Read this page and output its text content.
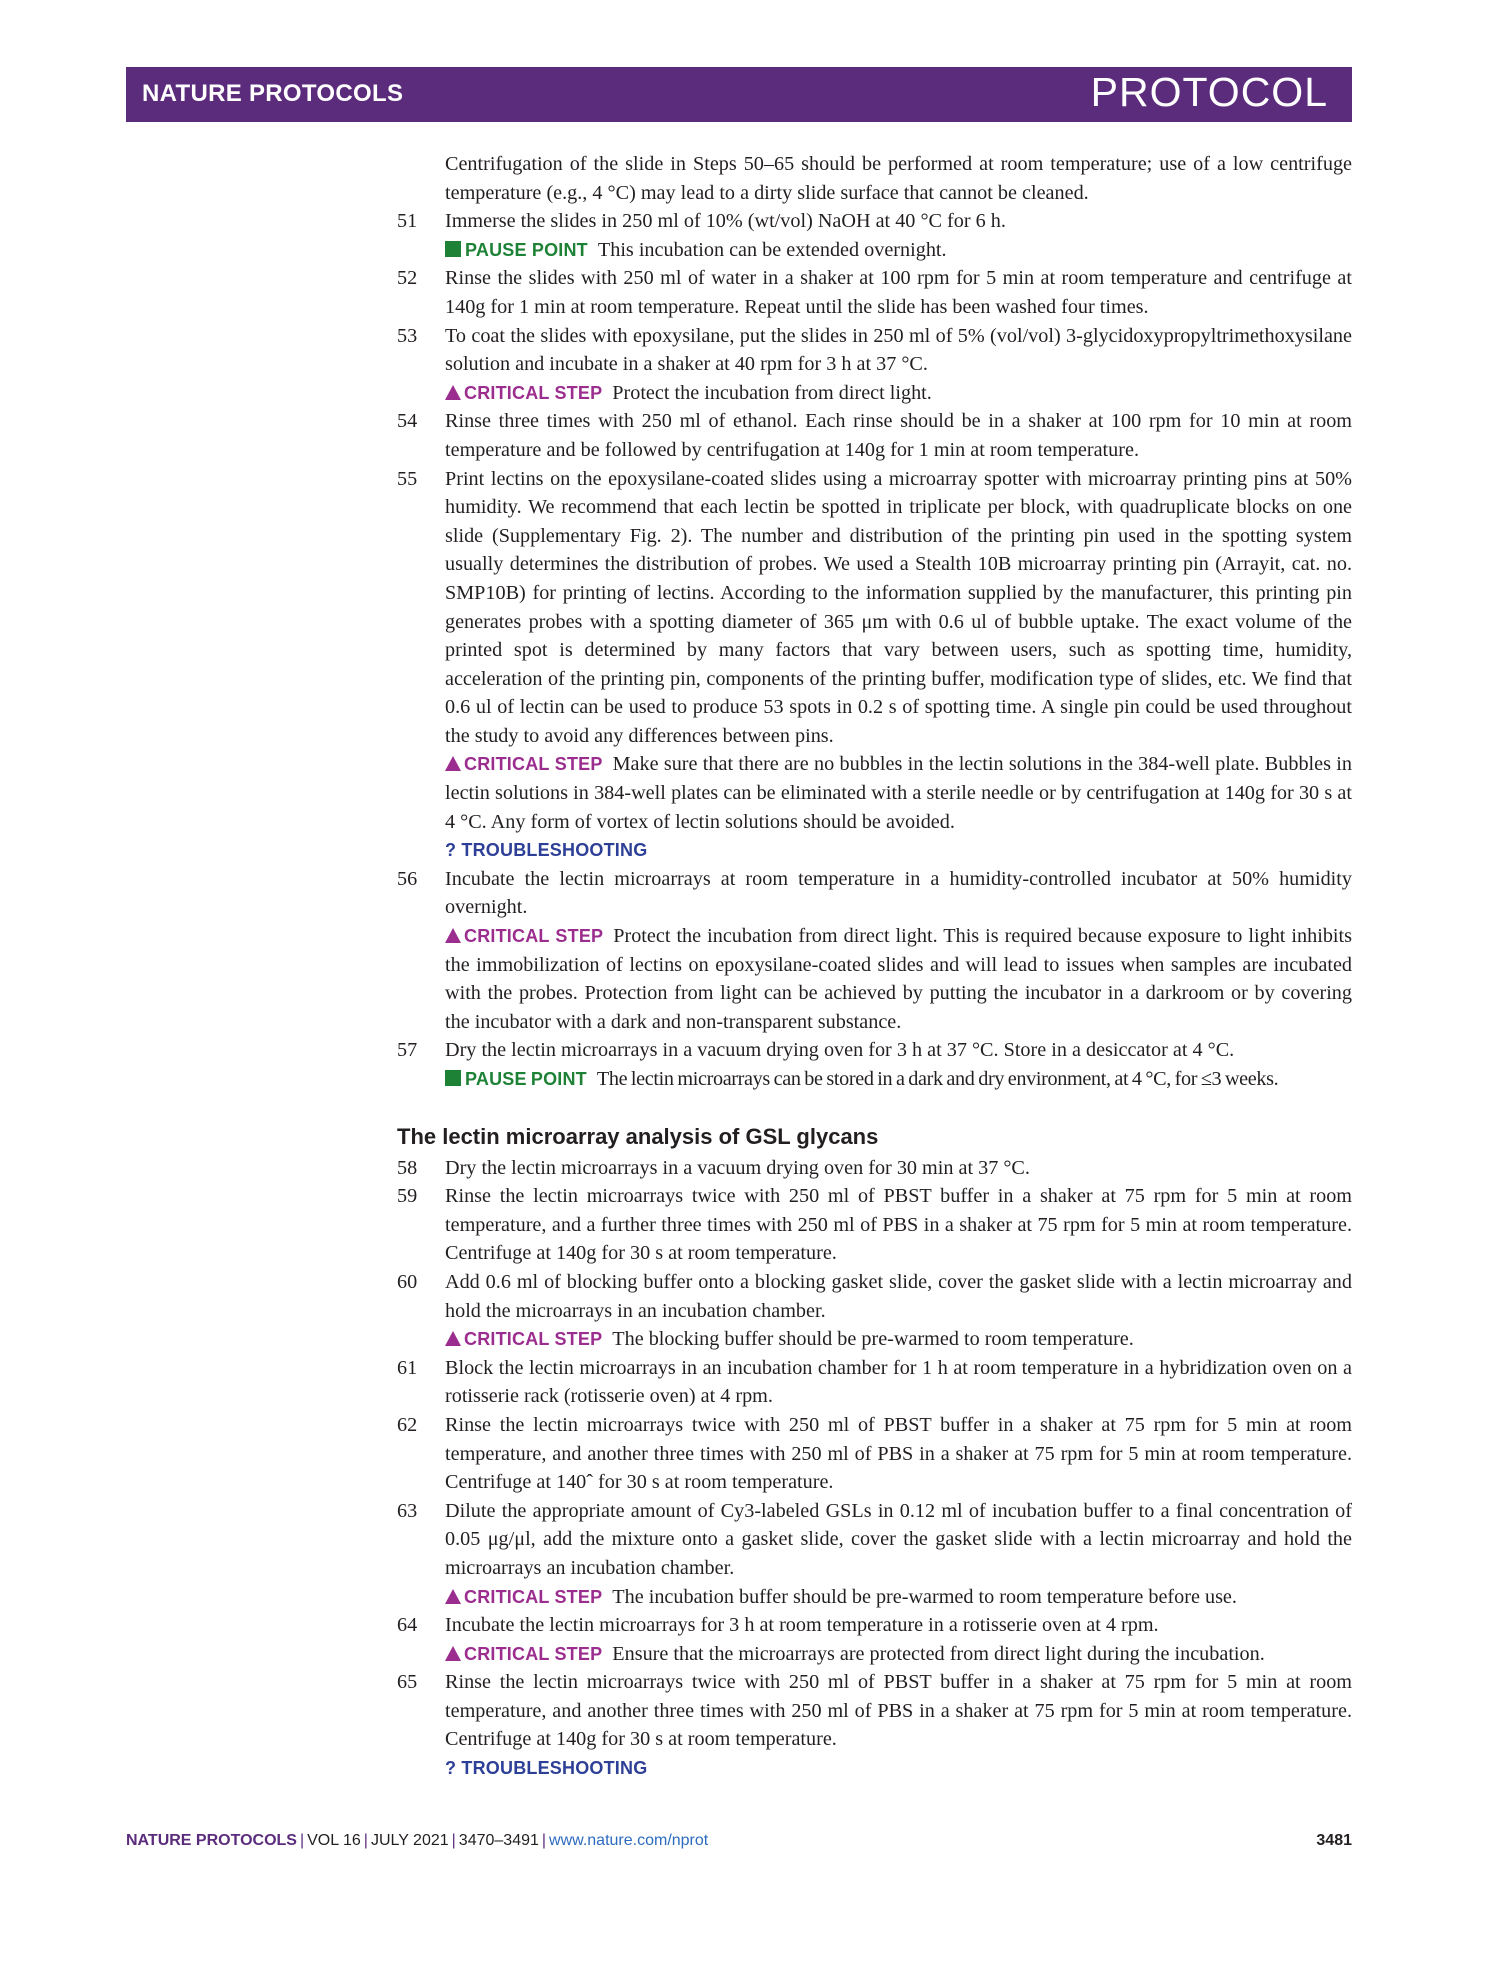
NATURE PROTOCOLS	PROTOCOL
Centrifugation of the slide in Steps 50–65 should be performed at room temperature; use of a low centrifuge temperature (e.g., 4 °C) may lead to a dirty slide surface that cannot be cleaned.
51 Immerse the slides in 250 ml of 10% (wt/vol) NaOH at 40 °C for 6 h.
PAUSE POINT This incubation can be extended overnight.
52 Rinse the slides with 250 ml of water in a shaker at 100 rpm for 5 min at room temperature and centrifuge at 140g for 1 min at room temperature. Repeat until the slide has been washed four times.
53 To coat the slides with epoxysilane, put the slides in 250 ml of 5% (vol/vol) 3-glycidoxypropyltrimethoxysilane solution and incubate in a shaker at 40 rpm for 3 h at 37 °C.
CRITICAL STEP Protect the incubation from direct light.
54 Rinse three times with 250 ml of ethanol. Each rinse should be in a shaker at 100 rpm for 10 min at room temperature and be followed by centrifugation at 140g for 1 min at room temperature.
55 Print lectins on the epoxysilane-coated slides using a microarray spotter with microarray printing pins at 50% humidity. We recommend that each lectin be spotted in triplicate per block, with quadruplicate blocks on one slide (Supplementary Fig. 2). The number and distribution of the printing pin used in the spotting system usually determines the distribution of probes. We used a Stealth 10B microarray printing pin (Arrayit, cat. no. SMP10B) for printing of lectins. According to the information supplied by the manufacturer, this printing pin generates probes with a spotting diameter of 365 μm with 0.6 ul of bubble uptake. The exact volume of the printed spot is determined by many factors that vary between users, such as spotting time, humidity, acceleration of the printing pin, components of the printing buffer, modification type of slides, etc. We find that 0.6 ul of lectin can be used to produce 53 spots in 0.2 s of spotting time. A single pin could be used throughout the study to avoid any differences between pins.
CRITICAL STEP Make sure that there are no bubbles in the lectin solutions in the 384-well plate. Bubbles in lectin solutions in 384-well plates can be eliminated with a sterile needle or by centrifugation at 140g for 30 s at 4 °C. Any form of vortex of lectin solutions should be avoided.
? TROUBLESHOOTING
56 Incubate the lectin microarrays at room temperature in a humidity-controlled incubator at 50% humidity overnight.
CRITICAL STEP Protect the incubation from direct light. This is required because exposure to light inhibits the immobilization of lectins on epoxysilane-coated slides and will lead to issues when samples are incubated with the probes. Protection from light can be achieved by putting the incubator in a darkroom or by covering the incubator with a dark and non-transparent substance.
57 Dry the lectin microarrays in a vacuum drying oven for 3 h at 37 °C. Store in a desiccator at 4 °C.
PAUSE POINT The lectin microarrays can be stored in a dark and dry environment, at 4 °C, for ≤3 weeks.
The lectin microarray analysis of GSL glycans
58 Dry the lectin microarrays in a vacuum drying oven for 30 min at 37 °C.
59 Rinse the lectin microarrays twice with 250 ml of PBST buffer in a shaker at 75 rpm for 5 min at room temperature, and a further three times with 250 ml of PBS in a shaker at 75 rpm for 5 min at room temperature. Centrifuge at 140g for 30 s at room temperature.
60 Add 0.6 ml of blocking buffer onto a blocking gasket slide, cover the gasket slide with a lectin microarray and hold the microarrays in an incubation chamber.
CRITICAL STEP The blocking buffer should be pre-warmed to room temperature.
61 Block the lectin microarrays in an incubation chamber for 1 h at room temperature in a hybridization oven on a rotisserie rack (rotisserie oven) at 4 rpm.
62 Rinse the lectin microarrays twice with 250 ml of PBST buffer in a shaker at 75 rpm for 5 min at room temperature, and another three times with 250 ml of PBS in a shaker at 75 rpm for 5 min at room temperature. Centrifuge at 140ˆ for 30 s at room temperature.
63 Dilute the appropriate amount of Cy3-labeled GSLs in 0.12 ml of incubation buffer to a final concentration of 0.05 μg/μl, add the mixture onto a gasket slide, cover the gasket slide with a lectin microarray and hold the microarrays an incubation chamber.
CRITICAL STEP The incubation buffer should be pre-warmed to room temperature before use.
64 Incubate the lectin microarrays for 3 h at room temperature in a rotisserie oven at 4 rpm.
CRITICAL STEP Ensure that the microarrays are protected from direct light during the incubation.
65 Rinse the lectin microarrays twice with 250 ml of PBST buffer in a shaker at 75 rpm for 5 min at room temperature, and another three times with 250 ml of PBS in a shaker at 75 rpm for 5 min at room temperature. Centrifuge at 140g for 30 s at room temperature.
? TROUBLESHOOTING
NATURE PROTOCOLS | VOL 16 | JULY 2021 | 3470–3491 | www.nature.com/nprot	3481
